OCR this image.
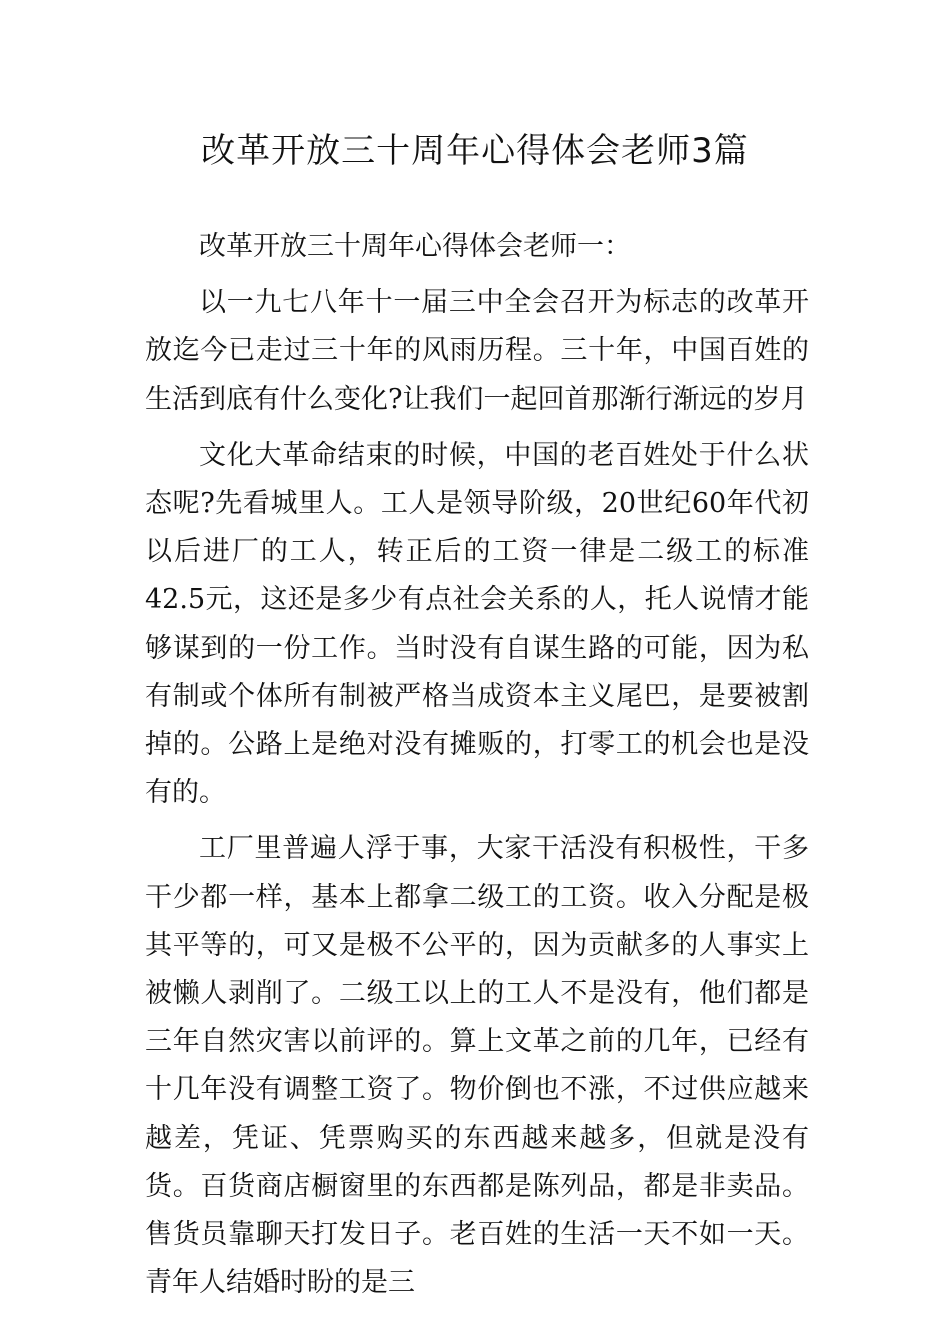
改革开放三十周年心得体会老师3篇

改革开放三十周年心得体会老师一：

以一九七八年十一届三中全会召开为标志的改革开放迄今已走过三十年的风雨历程。三十年，中国百姓的生活到底有什么变化?让我们一起回首那渐行渐远的岁月

文化大革命结束的时候，中国的老百姓处于什么状态呢?先看城里人。工人是领导阶级，20世纪60年代初以后进厂的工人，转正后的工资一律是二级工的标准42.5元，这还是多少有点社会关系的人，托人说情才能够谋到的一份工作。当时没有自谋生路的可能，因为私有制或个体所有制被严格当成资本主义尾巴，是要被割掉的。公路上是绝对没有摊贩的，打零工的机会也是没有的。

工厂里普遍人浮于事，大家干活没有积极性，干多干少都一样，基本上都拿二级工的工资。收入分配是极其平等的，可又是极不公平的，因为贡献多的人事实上被懒人剥削了。二级工以上的工人不是没有，他们都是三年自然灾害以前评的。算上文革之前的几年，已经有十几年没有调整工资了。物价倒也不涨，不过供应越来越差，凭证、凭票购买的东西越来越多，但就是没有货。百货商店橱窗里的东西都是陈列品，都是非卖品。售货员靠聊天打发日子。老百姓的生活一天不如一天。青年人结婚时盼的是三
